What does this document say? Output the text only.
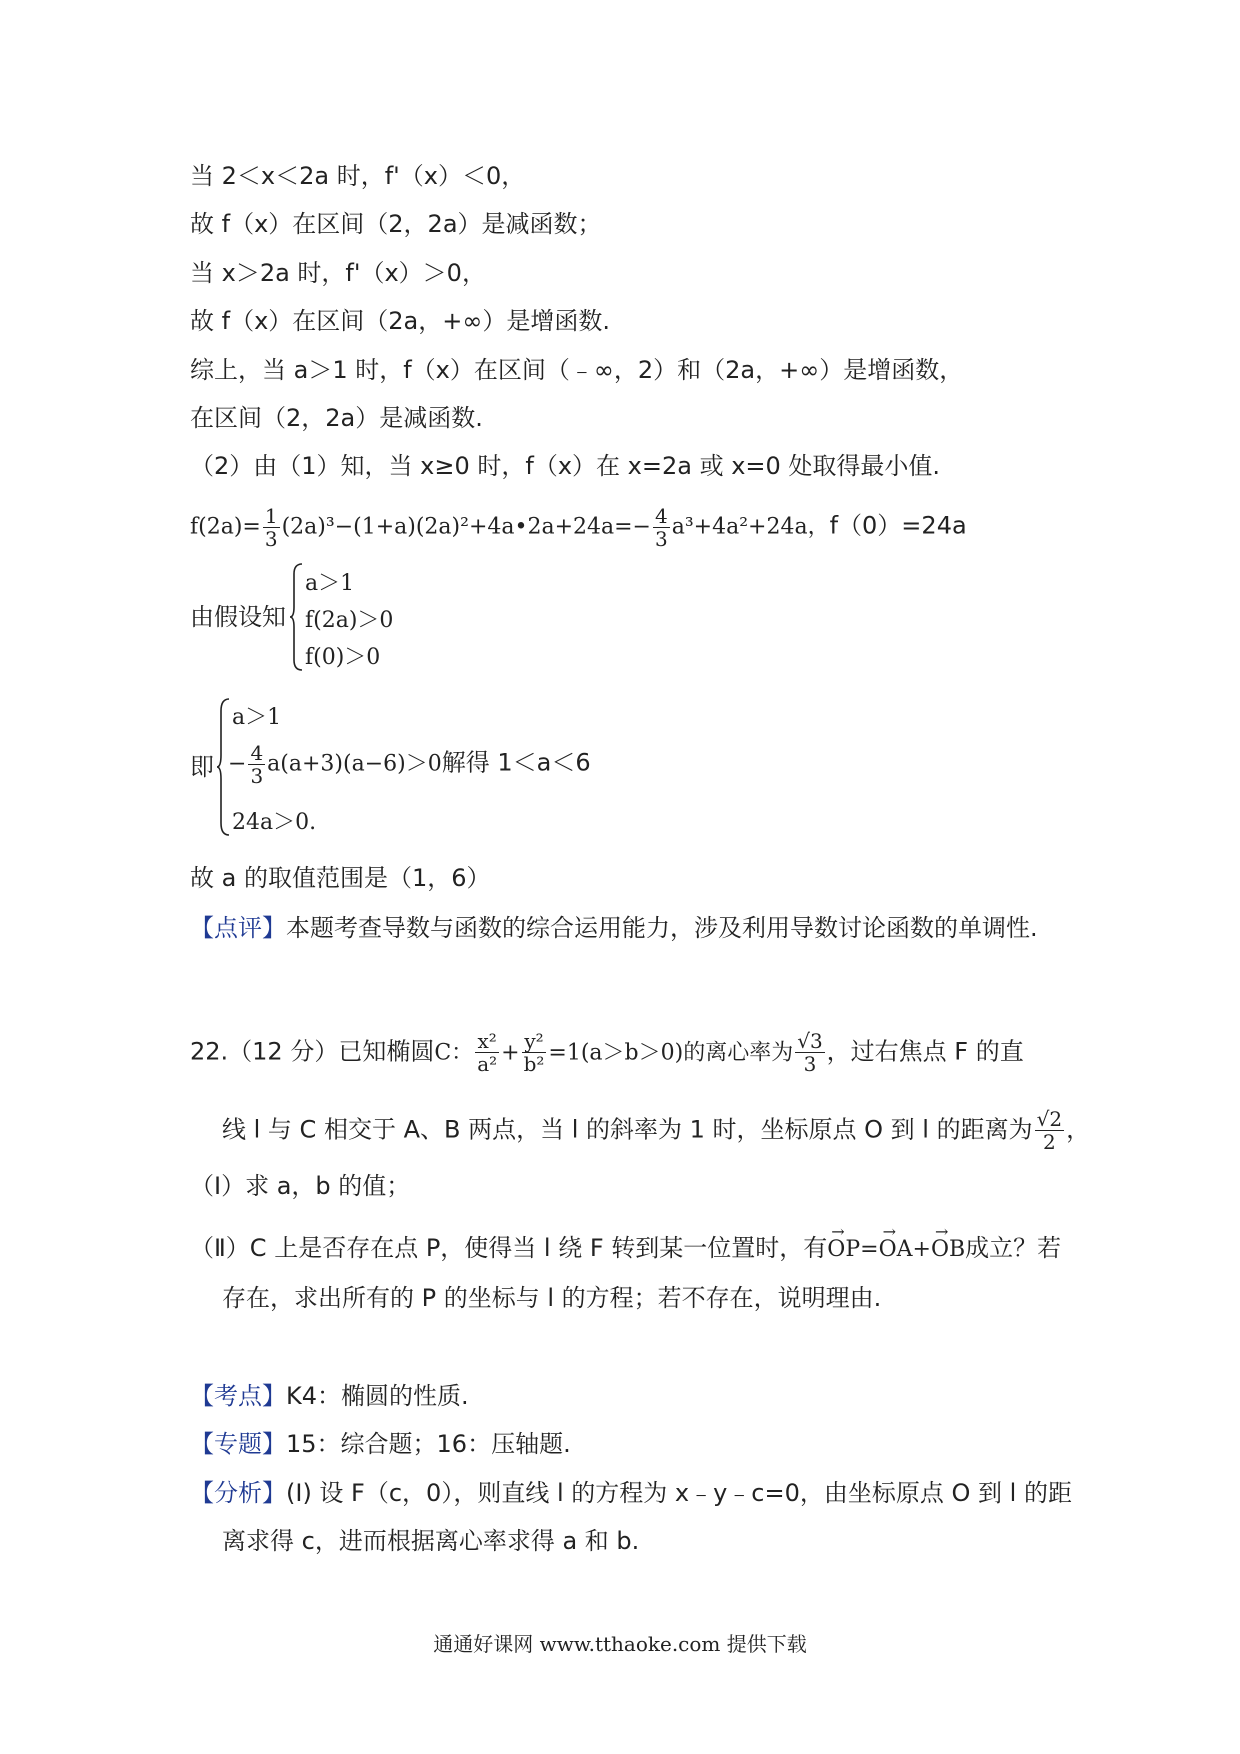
当 2＜x＜2a 时，f'（x）＜0，
故 f（x）在区间（2，2a）是减函数；
当 x＞2a 时，f'（x）＞0，
故 f（x）在区间（2a，+∞）是增函数.
综上，当 a＞1 时，f（x）在区间（﹣∞，2）和（2a，+∞）是增函数，
在区间（2，2a）是减函数.
（2）由（1）知，当 x≥0 时，f（x）在 x=2a 或 x=0 处取得最小值.
$f(2a)= \frac{1}{3}$ (2a)³−(1+a)(2a)²+4a•2a+24a=− $\frac{4}{3} a^3+4a^2+24a$，f（0）=24a
由假设知
a＞1
f(2a)＞0
f(0)＞0
即
a＞1
− $\frac{4}{3} a(a+3)(a-6)>0$解得 1＜a＜6
24a＞0.
故 a 的取值范围是（1，6）
【点评】本题考查导数与函数的综合运用能力，涉及利用导数讨论函数的单调性.
22.（12 分）已知椭圆C： $\frac{\text{x²}}{\text{a²}} + \frac{\text{y²}}{\text{b²}} =1(a>b>0)$的离心率为 $\frac{√3}{3}$ ，过右焦点 F 的直
线 l 与 C 相交于 A、B 两点，当 l 的斜率为 1 时，坐标原点 O 到 l 的距离为 $\frac{√2}{2}$ ，
（Ⅰ）求 a，b 的值；
（Ⅱ）C 上是否存在点 P，使得当 l 绕 F 转到某一位置时，有→ OP=→ OA+→ OB成立？若
存在，求出所有的 P 的坐标与 l 的方程；若不存在，说明理由.
【考点】K4：椭圆的性质.
【专题】15：综合题；16：压轴题.
【分析】(Ⅰ) 设 F（c，0），则直线 l 的方程为 x﹣y﹣c=0，由坐标原点 O 到 l 的距
离求得 c，进而根据离心率求得 a 和 b.
通通好课网 www.tthaoke.com 提供下载
